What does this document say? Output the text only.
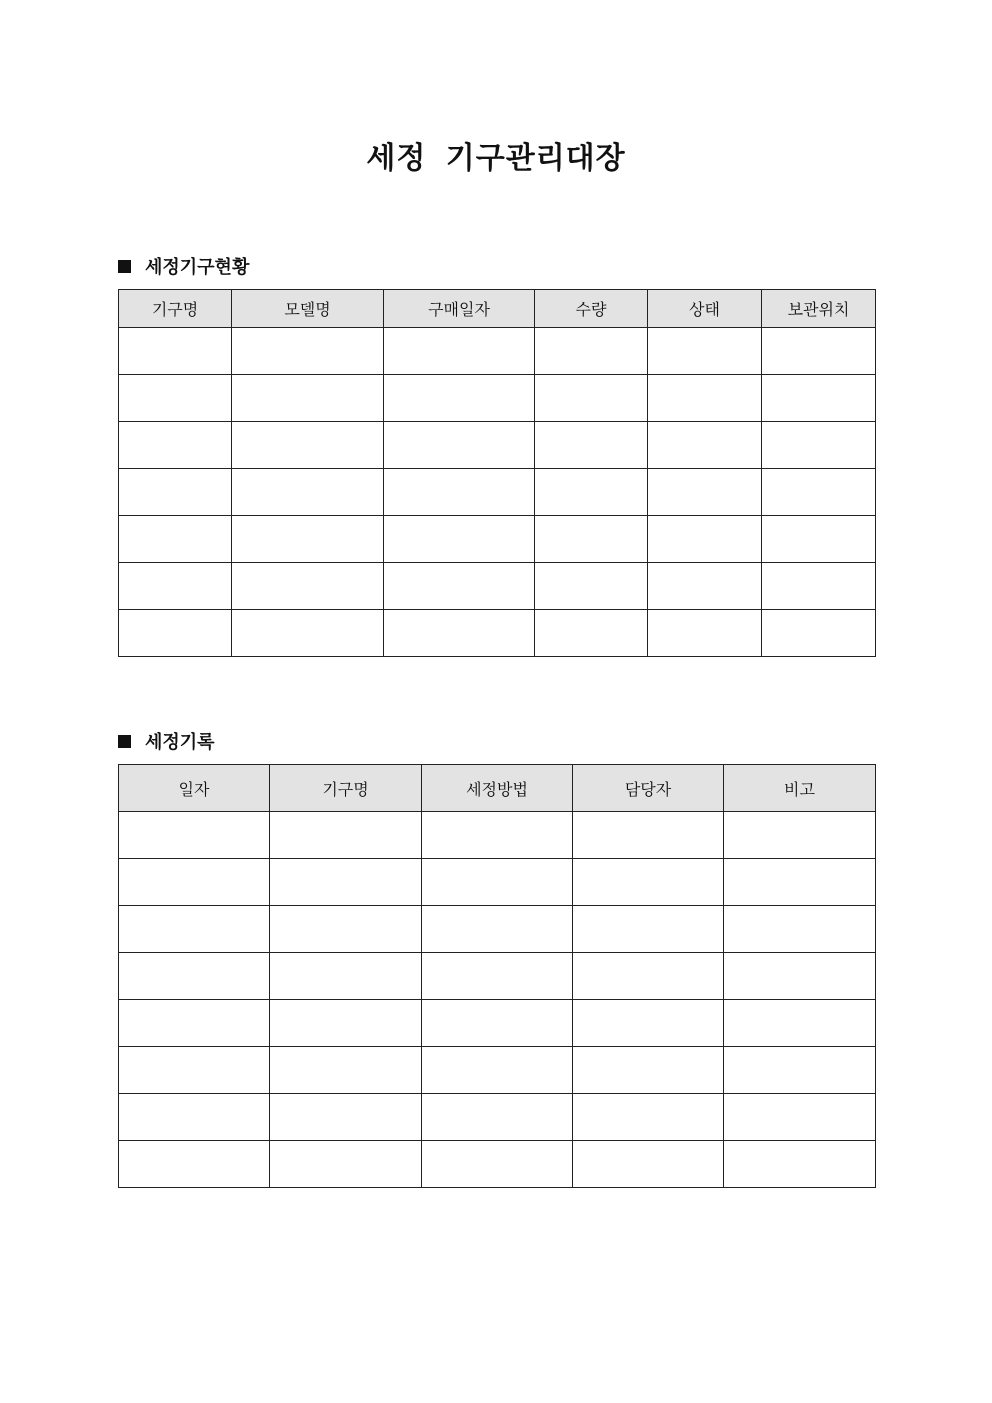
세정 기구관리대장
세정기구현황
기구명	모델명	구매일자	수량	상태	보관위치

세정기록
일자	기구명	세정방법	담당자	비고
